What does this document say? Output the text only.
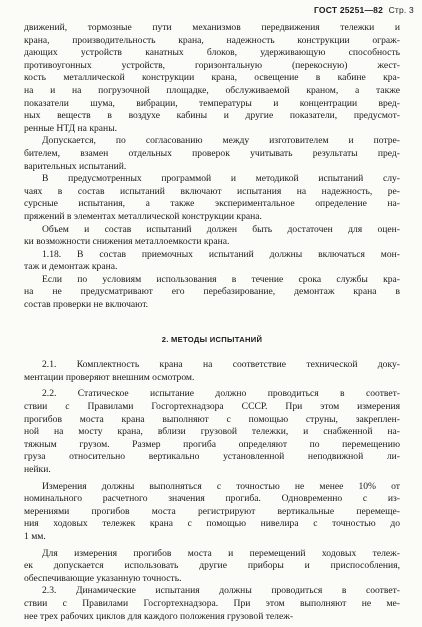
ГОСТ 25251—82 Стр. 3
движений, тормозные пути механизмов передвижения тележки и
крана, производительность крана, надежность конструкции ограж-
дающих устройств канатных блоков, удерживающую способность
противоугонных устройств, горизонтальную (перекосную) жест-
кость металлической конструкции крана, освещение в кабине кра-
на и на погрузочной площадке, обслуживаемой краном, а также
показатели шума, вибрации, температуры и концентрации вред-
ных веществ в воздухе кабины и другие показатели, предусмот-
ренные НТД на краны.
Допускается, по согласованию между изготовителем и потре-
бителем, взамен отдельных проверок учитывать результаты пред-
варительных испытаний.
В предусмотренных программой и методикой испытаний слу-
чаях в состав испытаний включают испытания на надежность, ре-
сурсные испытания, а также экспериментальное определение на-
пряжений в элементах металлической конструкции крана.
Объем и состав испытаний должен быть достаточен для оцен-
ки возможности снижения металлоемкости крана.
1.18. В состав приемочных испытаний должны включаться мон-
таж и демонтаж крана.
Если по условиям использования в течение срока службы кра-
на не предусматривают его перебазирование, демонтаж крана в
состав проверки не включают.
2. МЕТОДЫ ИСПЫТАНИЙ
2.1. Комплектность крана на соответствие технической доку-
ментации проверяют внешним осмотром.
2.2. Статическое испытание должно проводиться в соответ-
ствии с Правилами Госгортехнадзора СССР. При этом измерения
прогибов моста крана выполняют с помощью струны, закреплен-
ной на мосту крана, вблизи грузовой тележки, и снабженной на-
тяжным грузом. Размер прогиба определяют по перемещению
груза относительно вертикально установленной неподвижной ли-
нейки.
Измерения должны выполняться с точностью не менее 10% от
номинального расчетного значения прогиба. Одновременно с из-
мерениями прогибов моста регистрируют вертикальные перемеще-
ния ходовых тележек крана с помощью нивелира с точностью до
1 мм.
Для измерения прогибов моста и перемещений ходовых тележ-
ек допускается использовать другие приборы и приспособления,
обеспечивающие указанную точность.
2.3. Динамические испытания должны проводиться в соответ-
ствии с Правилами Госгортехнадзора. При этом выполняют не ме-
нее трех рабочих циклов для каждого положения грузовой тележ-
